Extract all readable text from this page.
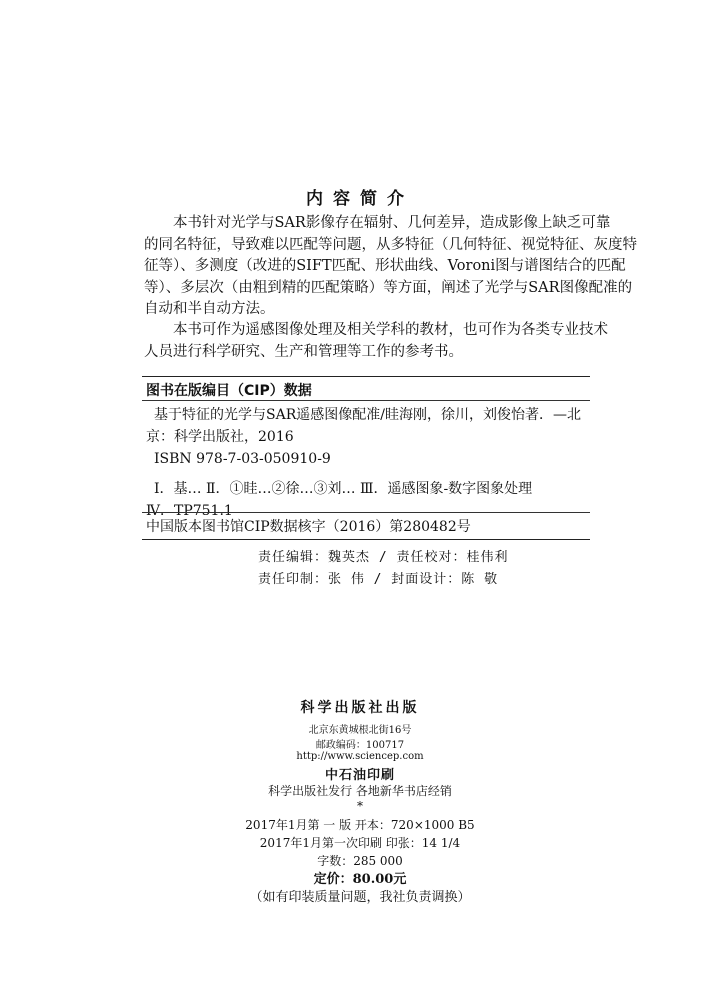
内容简介
本书针对光学与SAR影像存在辐射、几何差异，造成影像上缺乏可靠
的同名特征，导致难以匹配等问题，从多特征（几何特征、视觉特征、灰度特
征等）、多测度（改进的SIFT匹配、形状曲线、Voroni图与谱图结合的匹配
等）、多层次（由粗到精的匹配策略）等方面，阐述了光学与SAR图像配准的
自动和半自动方法。
本书可作为遥感图像处理及相关学科的教材，也可作为各类专业技术
人员进行科学研究、生产和管理等工作的参考书。
图书在版编目（CIP）数据
基于特征的光学与SAR遥感图像配准/眭海刚，徐川，刘俊怡著．—北
京：科学出版社，2016
ISBN 978-7-03-050910-9
Ⅰ．基… Ⅱ．①眭…②徐…③刘… Ⅲ．遥感图象-数字图象处理
Ⅳ．TP751.1
中国版本图书馆CIP数据核字（2016）第280482号
责任编辑：魏英杰 / 责任校对：桂伟利
责任印制：张 伟 / 封面设计：陈 敬
科学出版社出版
北京东黄城根北街16号
邮政编码：100717
http://www.sciencep.com
中石油印刷
科学出版社发行 各地新华书店经销
*
2017年1月第 一 版 开本：720×1000 B5
2017年1月第一次印刷 印张：14 1/4
字数：285 000
定价：80.00元
（如有印装质量问题，我社负责调换）
